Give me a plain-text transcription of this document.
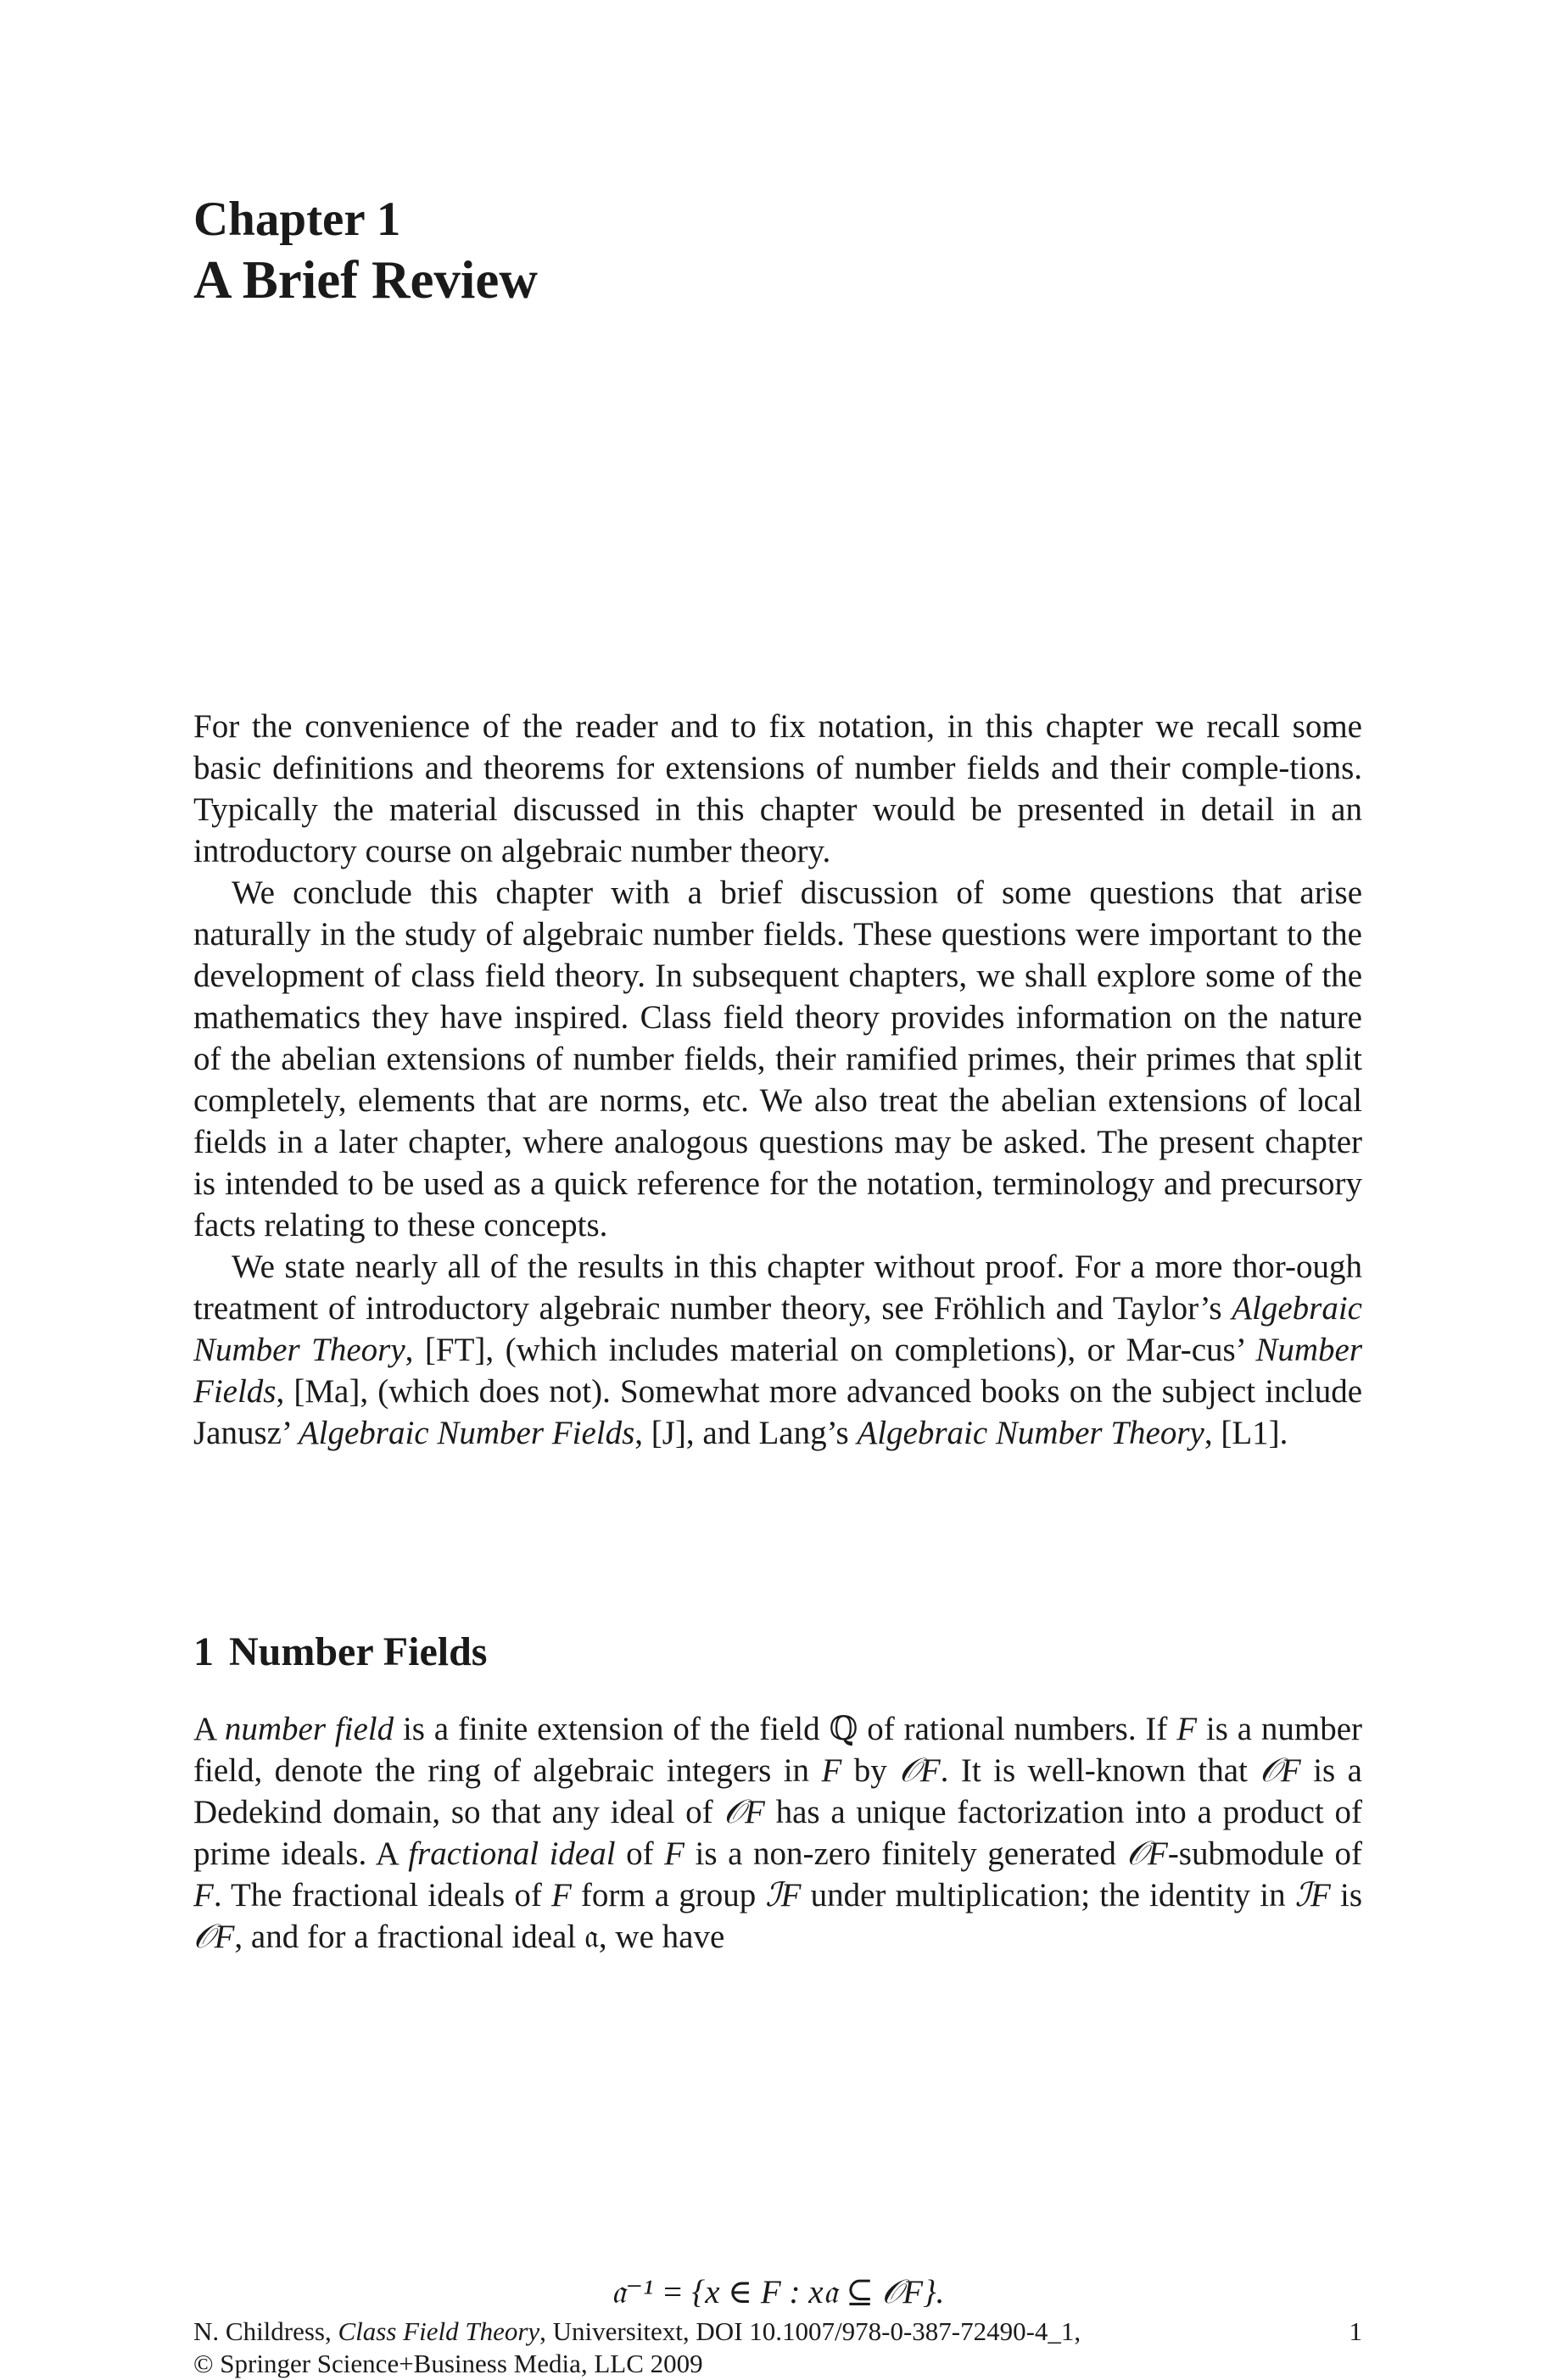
Chapter 1
A Brief Review

For the convenience of the reader and to fix notation, in this chapter we recall some basic definitions and theorems for extensions of number fields and their comple-tions. Typically the material discussed in this chapter would be presented in detail in an introductory course on algebraic number theory.

We conclude this chapter with a brief discussion of some questions that arise naturally in the study of algebraic number fields. These questions were important to the development of class field theory. In subsequent chapters, we shall explore some of the mathematics they have inspired. Class field theory provides information on the nature of the abelian extensions of number fields, their ramified primes, their primes that split completely, elements that are norms, etc. We also treat the abelian extensions of local fields in a later chapter, where analogous questions may be asked. The present chapter is intended to be used as a quick reference for the notation, terminology and precursory facts relating to these concepts.

We state nearly all of the results in this chapter without proof. For a more thor-ough treatment of introductory algebraic number theory, see Fröhlich and Taylor’s Algebraic Number Theory, [FT], (which includes material on completions), or Mar-cus’ Number Fields, [Ma], (which does not). Somewhat more advanced books on the subject include Janusz’ Algebraic Number Fields, [J], and Lang’s Algebraic Number Theory, [L1].

1 Number Fields

A number field is a finite extension of the field ℚ of rational numbers. If F is a number field, denote the ring of algebraic integers in F by 𝒪F. It is well-known that 𝒪F is a Dedekind domain, so that any ideal of 𝒪F has a unique factorization into a product of prime ideals. A fractional ideal of F is a non-zero finitely generated 𝒪F-submodule of F. The fractional ideals of F form a group ℐF under multiplication; the identity in ℐF is 𝒪F, and for a fractional ideal 𝔞, we have

𝔞⁻¹ = {x ∈ F : x𝔞 ⊆ 𝒪F}.
N. Childress, Class Field Theory, Universitext, DOI 10.1007/978-0-387-72490-4_1,
© Springer Science+Business Media, LLC 2009
1
